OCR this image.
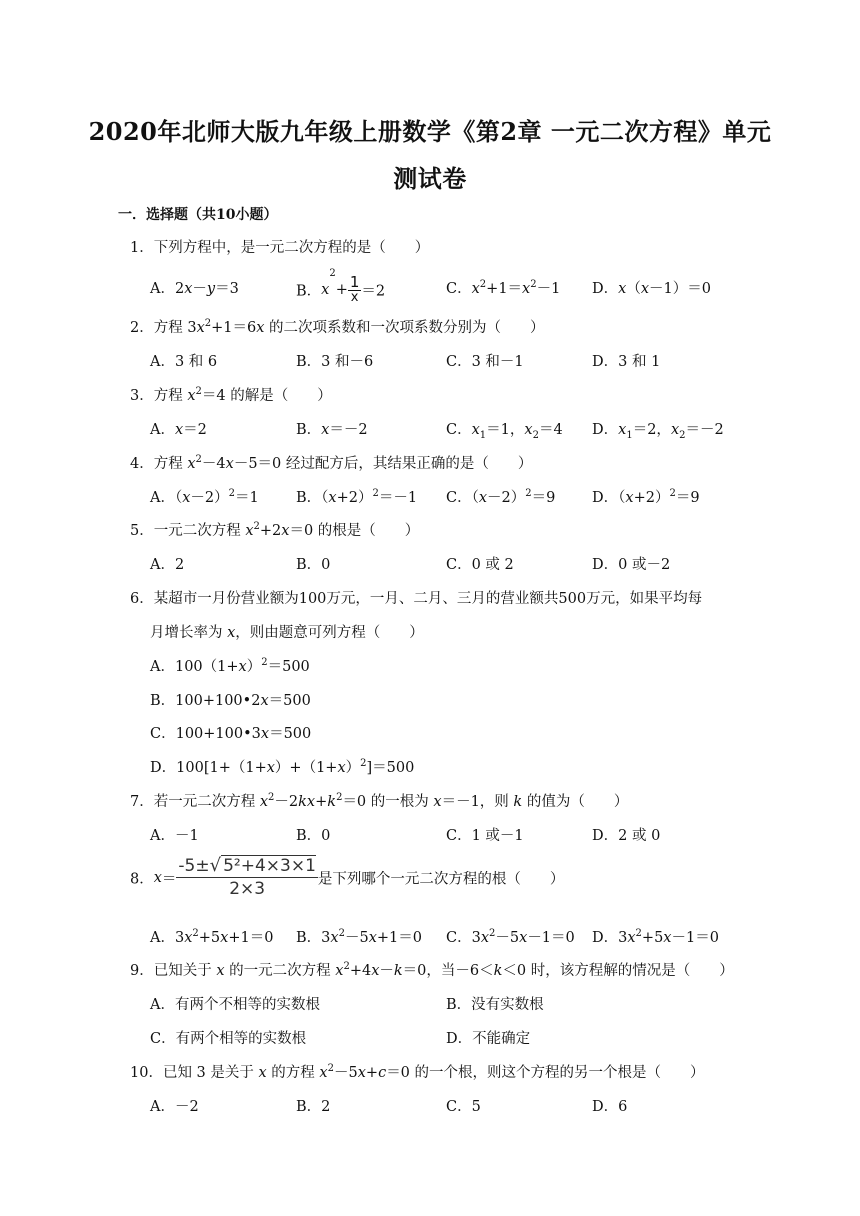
2020年北师大版九年级上册数学《第2章 一元二次方程》单元
测试卷
一．选择题（共10小题）
1．下列方程中，是一元二次方程的是（　　）
A．2x－y＝3	B．$x^2+ \frac{1}{x} =2$	C．$x^2+1=x^2-1$ D．x（x－1）＝0
2．方程 $3x^2+1=6x$ 的二次项系数和一次项系数分别为（　　）
A．3 和 6	B．3 和－6	C．3 和－1	D．3 和 1
3．方程 $x^2=4$ 的解是（　　）
A．x＝2	B．x＝－2	C．$x_1=1$，$x_2=4$ D．$x_1=2$，$x_2=-2$
4．方程 $x^2-4x-5=0$ 经过配方后，其结果正确的是（　　）
A．$(x-2)^2=1$	B．$(x+2)^2=-1$ C．$(x-2)^2=9$	D．$(x+2)^2=9$
5．一元二次方程 $x^2+2x=0$ 的根是（　　）
A．2	B．0	C．0 或 2	D．0 或－2
6．某超市一月份营业额为100万元，一月、二月、三月的营业额共500万元，如果平均每
月增长率为 x，则由题意可列方程（　　）
A．$100(1+x)^2=500$
B．100+100•2x＝500
C．100+100•3x＝500
D．$100[1+(1+x)+(1+x)^2]=500$
7．若一元二次方程 $x^2-2kx+k^2=0$ 的一根为 x＝－1，则 k 的值为（　　）
A．－1	B．0	C．1 或－1	D．2 或 0
8．$x= \frac{\text{-5±√ 5²+4×3×1}}{2\times 3}$ 是下列哪个一元二次方程的根（　　）
A．$3x^2+5x+1=0$ B．$3x^2-5x+1=0$ C．$3x^2-5x-1=0$ D．$3x^2+5x-1=0$
9．已知关于 x 的一元二次方程 $x^2+4x-k=0$，当－6＜k＜0 时，该方程解的情况是（　　）
A．有两个不相等的实数根	B．没有实数根
C．有两个相等的实数根	D．不能确定
10．已知 3 是关于 x 的方程 $x^2-5x+c=0$ 的一个根，则这个方程的另一个根是（　　）
A．－2	B．2	C．5	D．6
